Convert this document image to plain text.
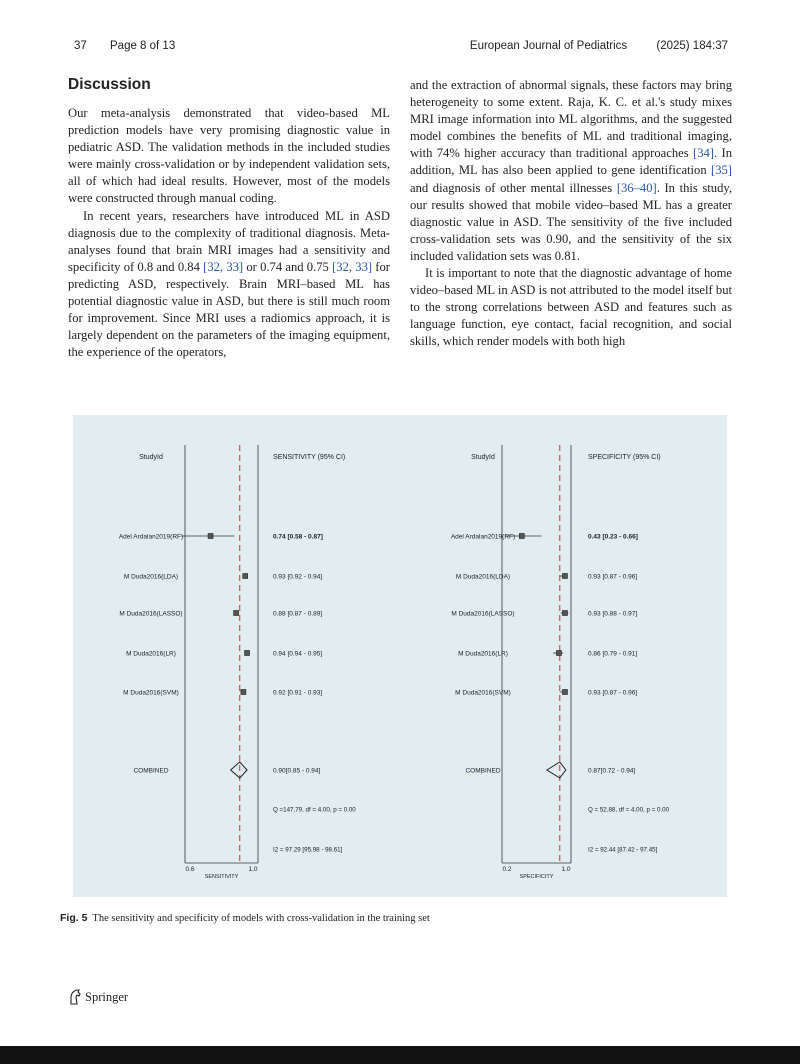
37 Page 8 of 13	European Journal of Pediatrics	(2025) 184:37
Discussion

Our meta-analysis demonstrated that video-based ML prediction models have very promising diagnostic value in pediatric ASD. The validation methods in the included studies were mainly cross-validation or by independent validation sets, all of which had ideal results. However, most of the models were constructed through manual coding.

In recent years, researchers have introduced ML in ASD diagnosis due to the complexity of traditional diagnosis. Meta-analyses found that brain MRI images had a sensitivity and specificity of 0.8 and 0.84 [32, 33] or 0.74 and 0.75 [32, 33] for predicting ASD, respectively. Brain MRI–based ML has potential diagnostic value in ASD, but there is still much room for improvement. Since MRI uses a radiomics approach, it is largely dependent on the parameters of the imaging equipment, the experience of the operators,

and the extraction of abnormal signals, these factors may bring heterogeneity to some extent. Raja, K. C. et al.'s study mixes MRI image information into ML algorithms, and the suggested model combines the benefits of ML and traditional imaging, with 74% higher accuracy than traditional approaches [34]. In addition, ML has also been applied to gene identification [35] and diagnosis of other mental illnesses [36–40]. In this study, our results showed that mobile video–based ML has a greater diagnostic value in ASD. The sensitivity of the five included cross-validation sets was 0.90, and the sensitivity of the six included validation sets was 0.81.

It is important to note that the diagnostic advantage of home video–based ML in ASD is not attributed to the model itself but to the strong correlations between ASD and features such as language function, eye contact, facial recognition, and social skills, which render models with both high

StudyId	SENSITIVITY (95% CI)
0.6	1.0
SENSITIVITY
Adel Ardalan2019(RF)	0.74 [0.58 - 0.87]
M Duda2016(LDA)	0.93 [0.92 - 0.94]
M Duda2016(LASSO)	0.88 [0.87 - 0.89]
M Duda2016(LR)	0.94 [0.94 - 0.95]
M Duda2016(SVM)	0.92 [0.91 - 0.93]
COMBINED	0.90[0.85 - 0.94]
Q =147.79, df = 4.00, p = 0.00
I2 = 97.29 [95.98 - 98.61]
StudyId	SPECIFICITY (95% CI)
0.2	1.0
SPECIFICITY
Adel Ardalan2019(RF)	0.43 [0.23 - 0.66]
M Duda2016(LDA)	0.93 [0.87 - 0.96]
M Duda2016(LASSO)	0.93 [0.88 - 0.97]
M Duda2016(LR)	0.86 [0.79 - 0.91]
M Duda2016(SVM)	0.93 [0.87 - 0.96]
COMBINED	0.87[0.72 - 0.94]
Q = 52.88, df = 4.00, p = 0.00
I2 = 92.44 [87.42 - 97.45]
Fig. 5 The sensitivity and specificity of models with cross-validation in the training set
Springer
